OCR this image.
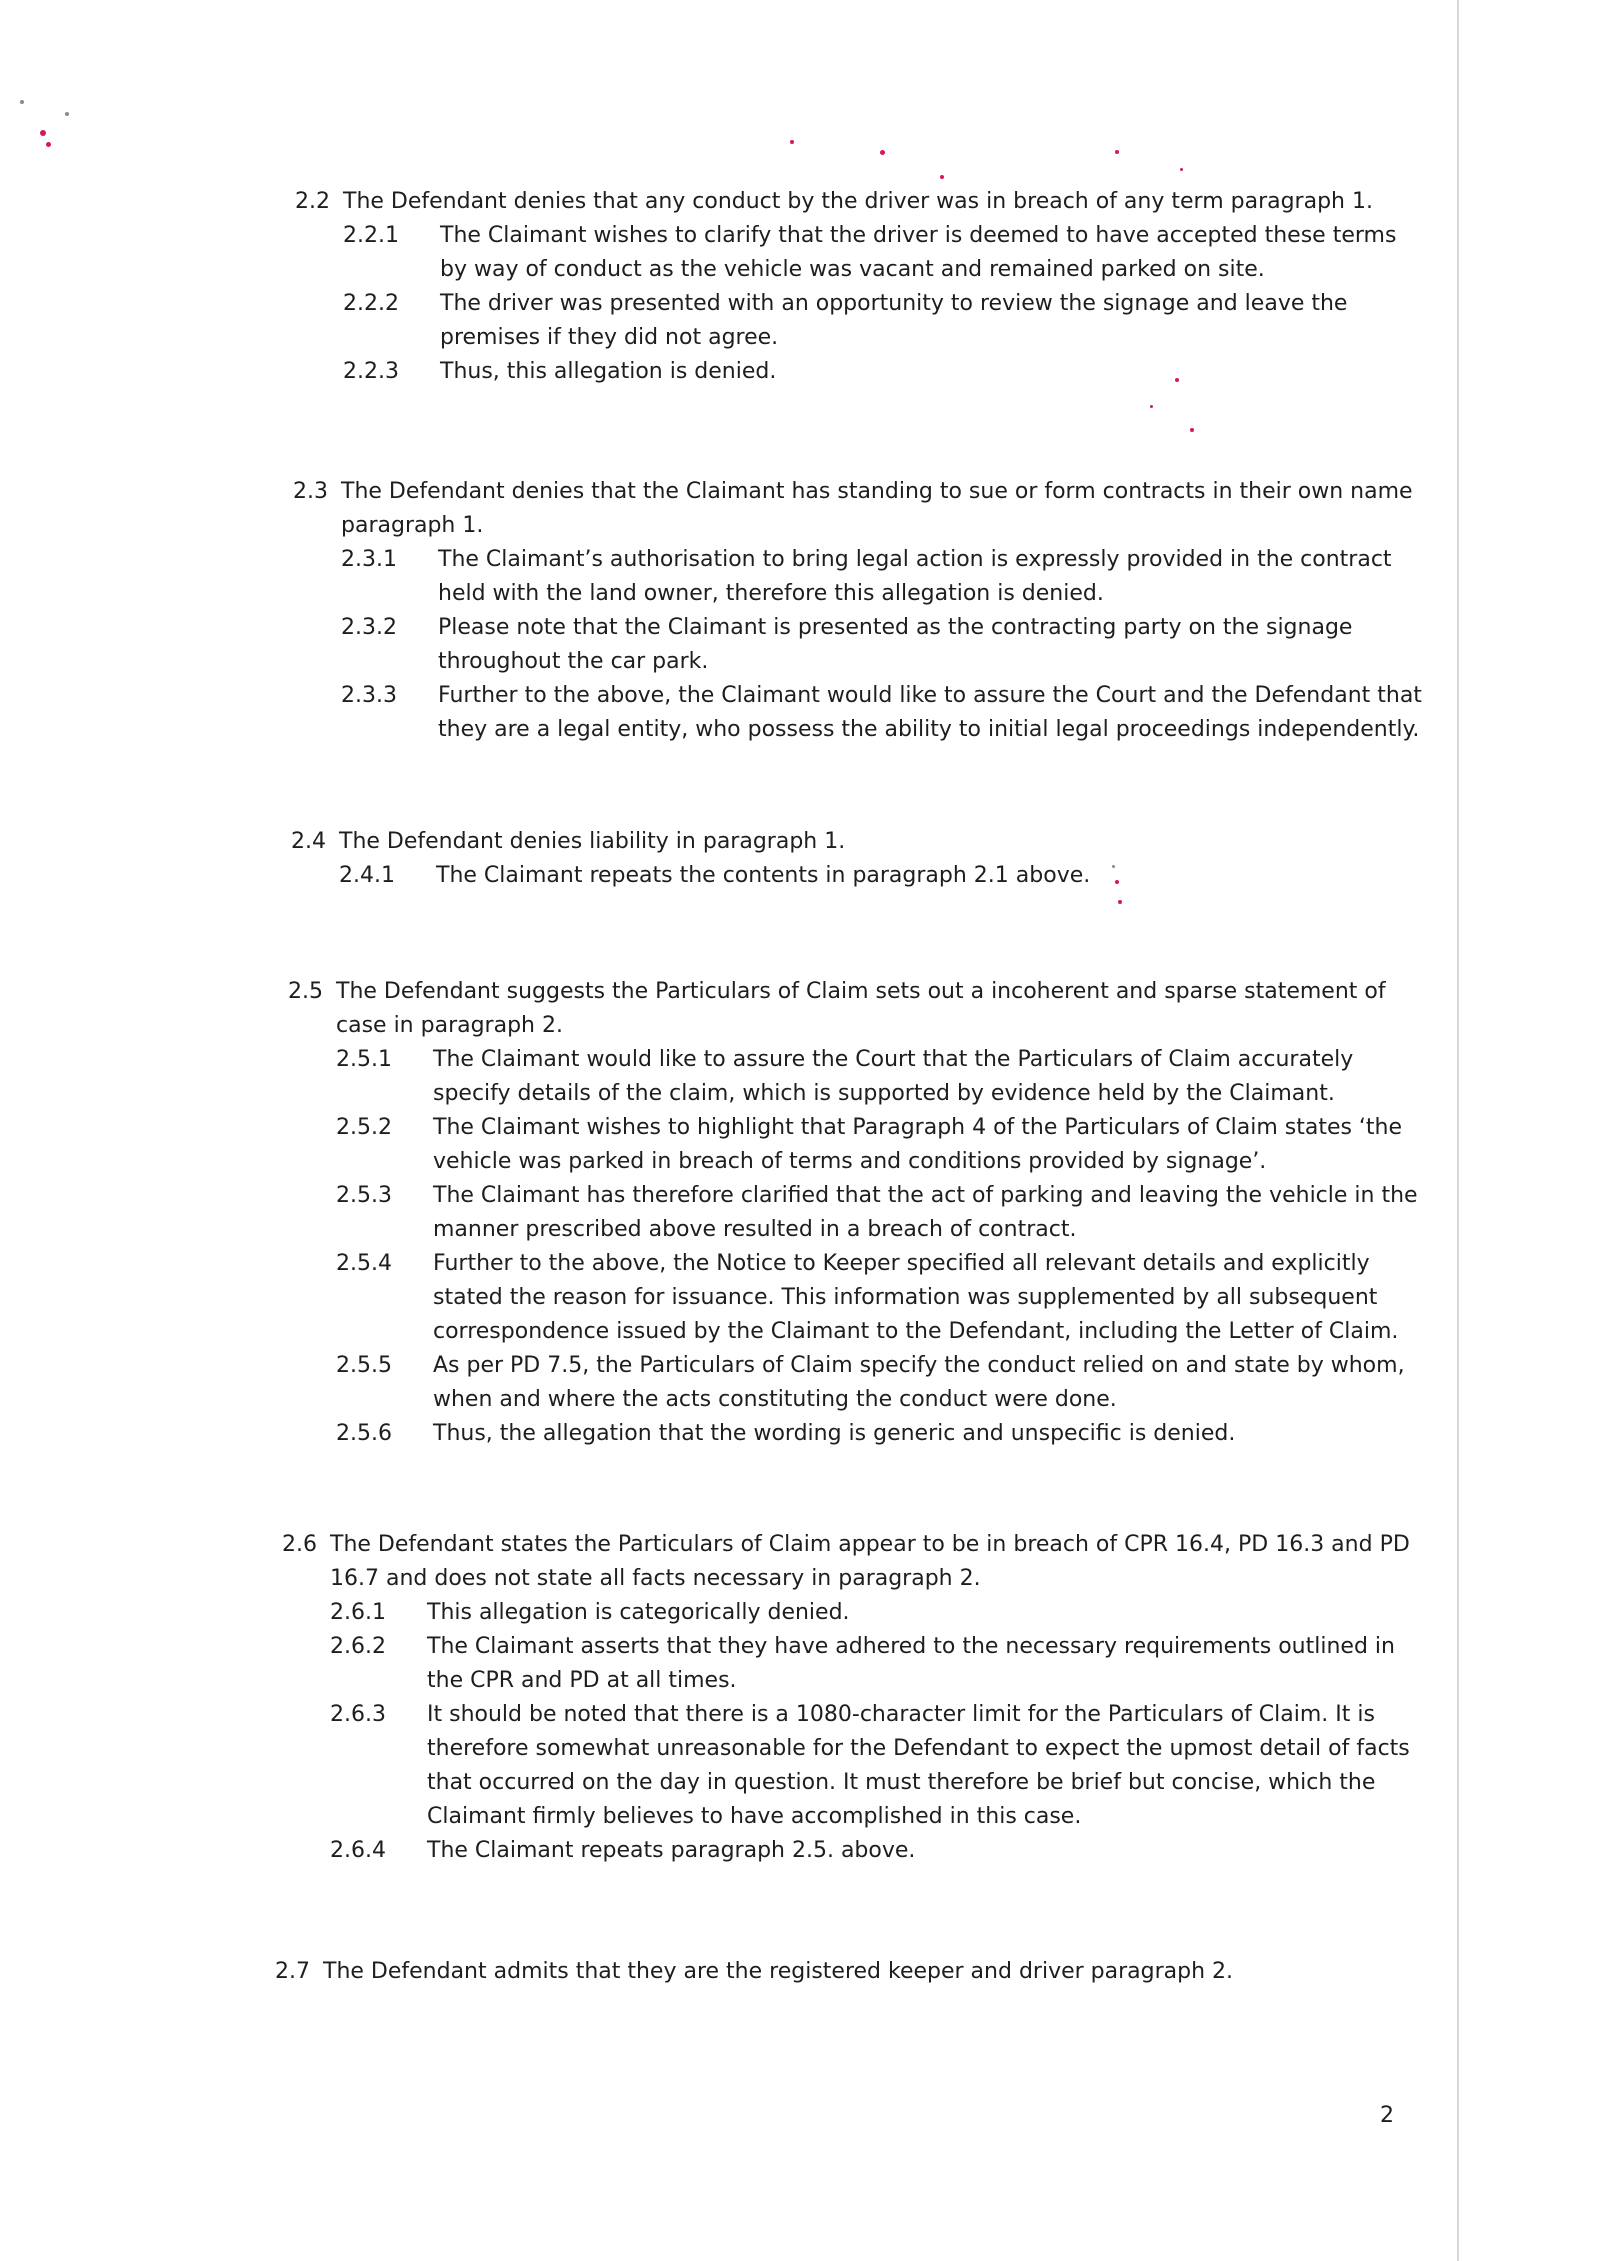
2.2 The Defendant denies that any conduct by the driver was in breach of any term paragraph 1.
2.2.1 The Claimant wishes to clarify that the driver is deemed to have accepted these terms by way of conduct as the vehicle was vacant and remained parked on site.
2.2.2 The driver was presented with an opportunity to review the signage and leave the premises if they did not agree.
2.2.3 Thus, this allegation is denied.
2.3 The Defendant denies that the Claimant has standing to sue or form contracts in their own name paragraph 1.
2.3.1 The Claimant’s authorisation to bring legal action is expressly provided in the contract held with the land owner, therefore this allegation is denied.
2.3.2 Please note that the Claimant is presented as the contracting party on the signage throughout the car park.
2.3.3 Further to the above, the Claimant would like to assure the Court and the Defendant that they are a legal entity, who possess the ability to initial legal proceedings independently.
2.4 The Defendant denies liability in paragraph 1.
2.4.1 The Claimant repeats the contents in paragraph 2.1 above.
2.5 The Defendant suggests the Particulars of Claim sets out a incoherent and sparse statement of case in paragraph 2.
2.5.1 The Claimant would like to assure the Court that the Particulars of Claim accurately specify details of the claim, which is supported by evidence held by the Claimant.
2.5.2 The Claimant wishes to highlight that Paragraph 4 of the Particulars of Claim states ‘the vehicle was parked in breach of terms and conditions provided by signage’.
2.5.3 The Claimant has therefore clarified that the act of parking and leaving the vehicle in the manner prescribed above resulted in a breach of contract.
2.5.4 Further to the above, the Notice to Keeper specified all relevant details and explicitly stated the reason for issuance. This information was supplemented by all subsequent correspondence issued by the Claimant to the Defendant, including the Letter of Claim.
2.5.5 As per PD 7.5, the Particulars of Claim specify the conduct relied on and state by whom, when and where the acts constituting the conduct were done.
2.5.6 Thus, the allegation that the wording is generic and unspecific is denied.
2.6 The Defendant states the Particulars of Claim appear to be in breach of CPR 16.4, PD 16.3 and PD 16.7 and does not state all facts necessary in paragraph 2.
2.6.1 This allegation is categorically denied.
2.6.2 The Claimant asserts that they have adhered to the necessary requirements outlined in the CPR and PD at all times.
2.6.3 It should be noted that there is a 1080-character limit for the Particulars of Claim. It is therefore somewhat unreasonable for the Defendant to expect the upmost detail of facts that occurred on the day in question. It must therefore be brief but concise, which the Claimant firmly believes to have accomplished in this case.
2.6.4 The Claimant repeats paragraph 2.5. above.
2.7 The Defendant admits that they are the registered keeper and driver paragraph 2.
2
